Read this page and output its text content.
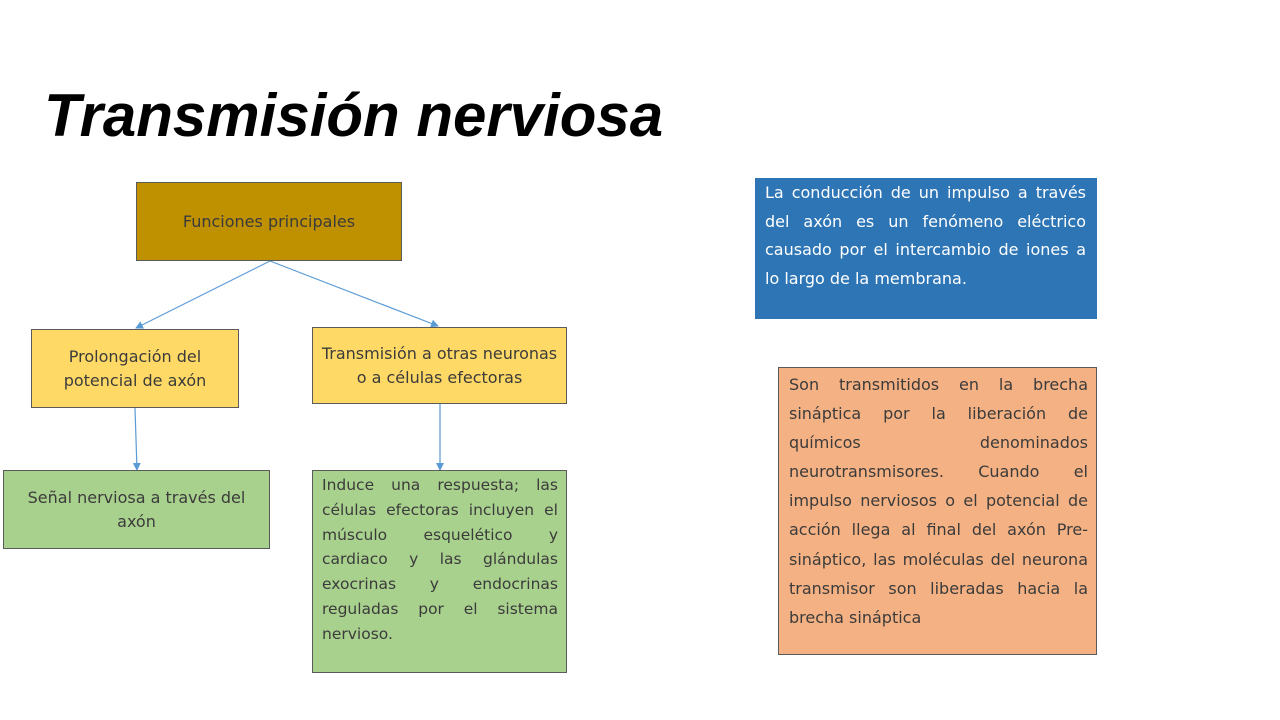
Transmisión nerviosa
Funciones principales
Prolongación del potencial de axón
Transmisión a otras neuronas o a células efectoras
Señal nerviosa a través del axón
Induce una respuesta; las células efectoras incluyen el músculo esquelético y cardiaco y las glándulas exocrinas y endocrinas reguladas por el sistema nervioso.
La conducción de un impulso a través del axón es un fenómeno eléctrico causado por el intercambio de iones a lo largo de la membrana.
Son transmitidos en la brecha sináptica por la liberación de químicos denominados neurotransmisores. Cuando el impulso nerviosos o el potencial de acción llega al final del axón Pre-sináptico, las moléculas del neurona transmisor son liberadas hacia la brecha sináptica
